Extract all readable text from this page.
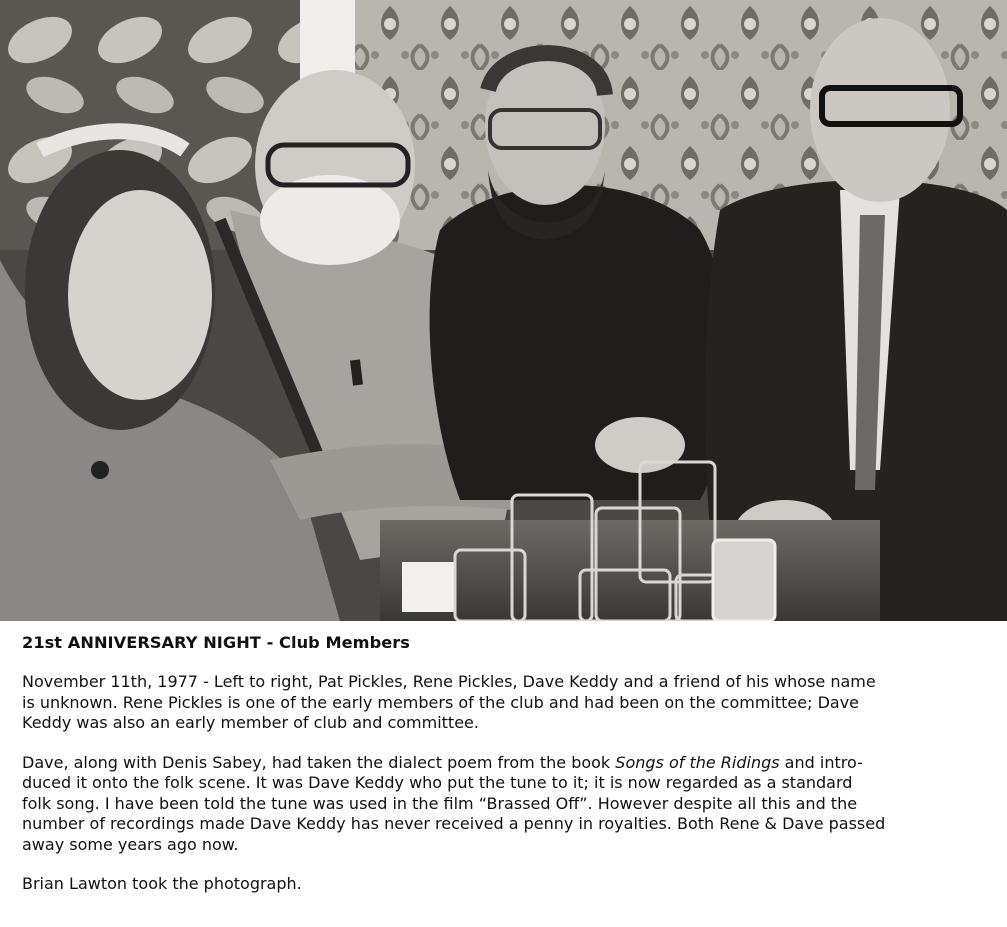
21st ANNIVERSARY NIGHT - Club Members
November 11th, 1977 - Left to right, Pat Pickles, Rene Pickles, Dave Keddy and a friend of his whose name
is unknown. Rene Pickles is one of the early members of the club and had been on the committee; Dave
Keddy was also an early member of club and committee.
Dave, along with Denis Sabey, had taken the dialect poem from the book Songs of the Ridings and intro-
duced it onto the folk scene. It was Dave Keddy who put the tune to it; it is now regarded as a standard
folk song. I have been told the tune was used in the film “Brassed Off”. However despite all this and the
number of recordings made Dave Keddy has never received a penny in royalties. Both Rene & Dave passed
away some years ago now.
Brian Lawton took the photograph.
